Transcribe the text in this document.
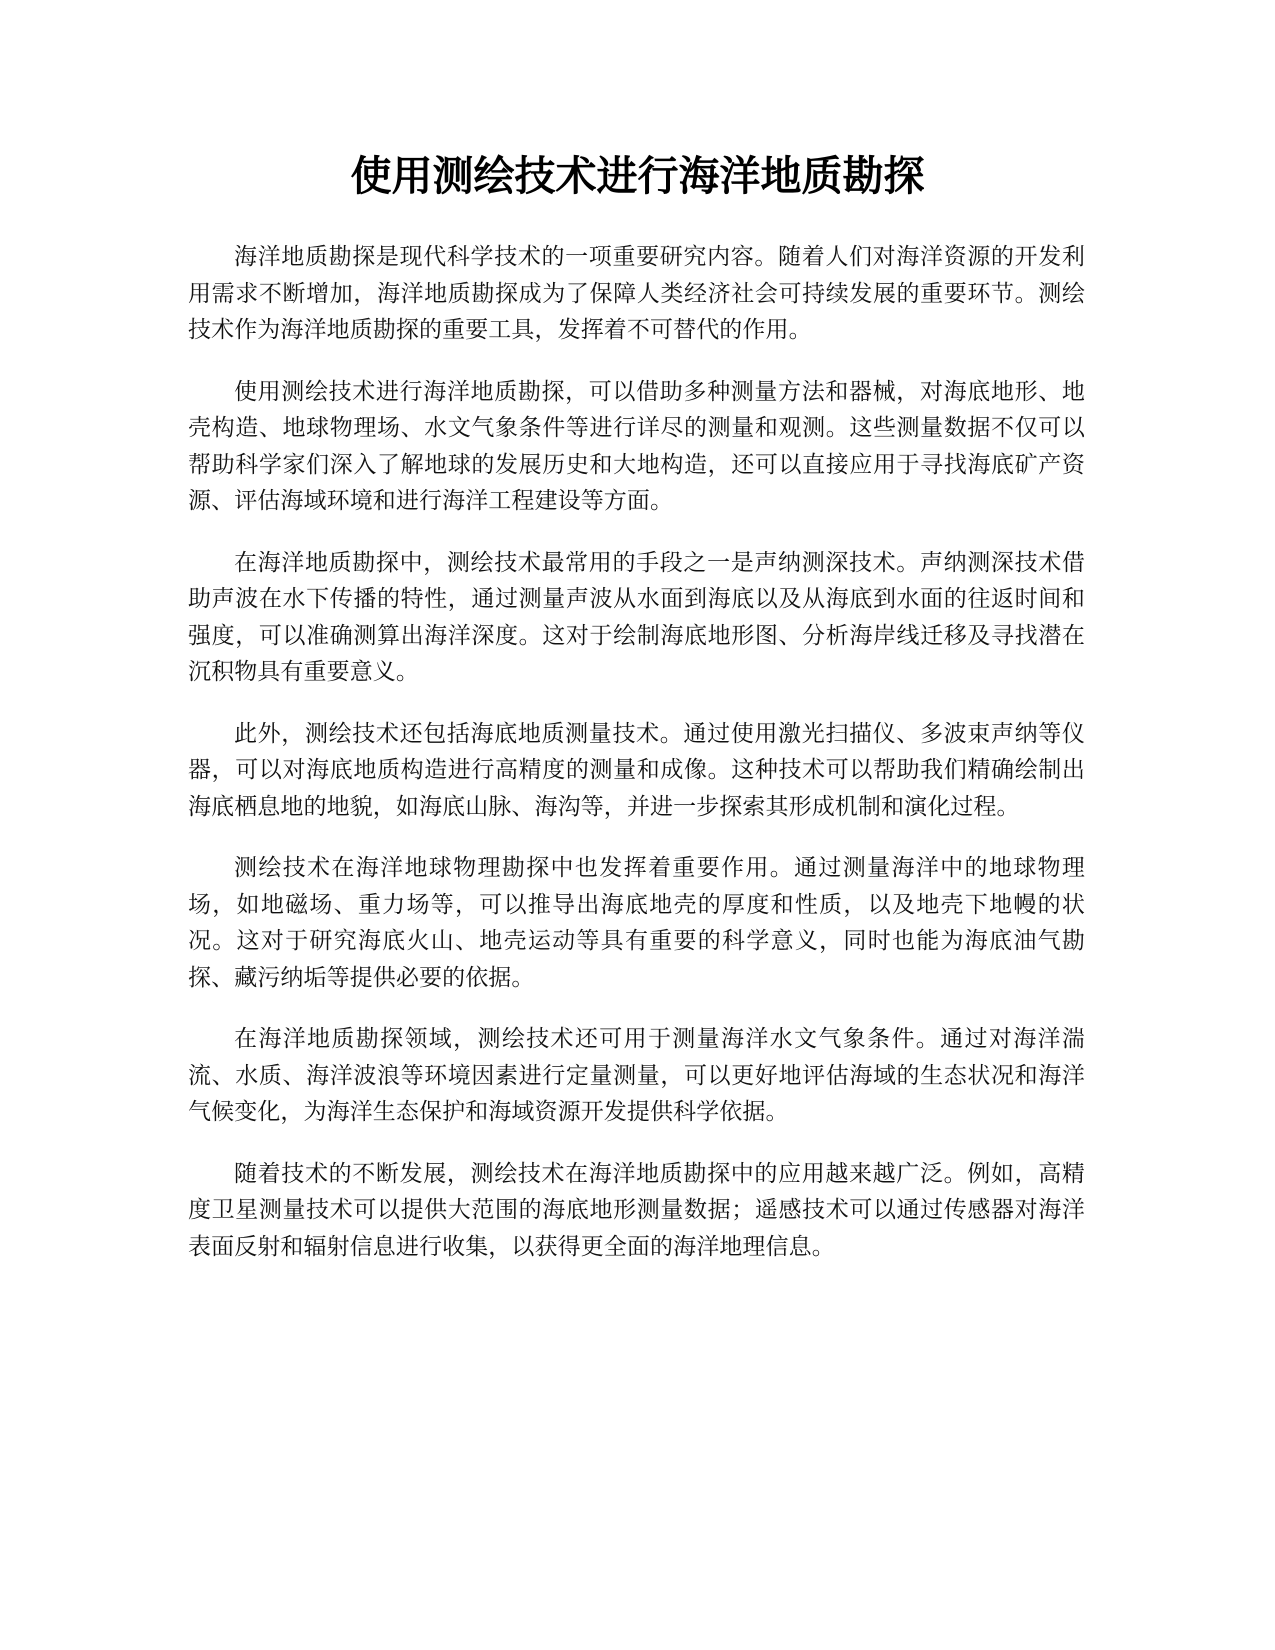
使用测绘技术进行海洋地质勘探

海洋地质勘探是现代科学技术的一项重要研究内容。随着人们对海洋资源的开发利用需求不断增加，海洋地质勘探成为了保障人类经济社会可持续发展的重要环节。测绘技术作为海洋地质勘探的重要工具，发挥着不可替代的作用。

使用测绘技术进行海洋地质勘探，可以借助多种测量方法和器械，对海底地形、地壳构造、地球物理场、水文气象条件等进行详尽的测量和观测。这些测量数据不仅可以帮助科学家们深入了解地球的发展历史和大地构造，还可以直接应用于寻找海底矿产资源、评估海域环境和进行海洋工程建设等方面。

在海洋地质勘探中，测绘技术最常用的手段之一是声纳测深技术。声纳测深技术借助声波在水下传播的特性，通过测量声波从水面到海底以及从海底到水面的往返时间和强度，可以准确测算出海洋深度。这对于绘制海底地形图、分析海岸线迁移及寻找潜在沉积物具有重要意义。

此外，测绘技术还包括海底地质测量技术。通过使用激光扫描仪、多波束声纳等仪器，可以对海底地质构造进行高精度的测量和成像。这种技术可以帮助我们精确绘制出海底栖息地的地貌，如海底山脉、海沟等，并进一步探索其形成机制和演化过程。

测绘技术在海洋地球物理勘探中也发挥着重要作用。通过测量海洋中的地球物理场，如地磁场、重力场等，可以推导出海底地壳的厚度和性质，以及地壳下地幔的状况。这对于研究海底火山、地壳运动等具有重要的科学意义，同时也能为海底油气勘探、藏污纳垢等提供必要的依据。

在海洋地质勘探领域，测绘技术还可用于测量海洋水文气象条件。通过对海洋湍流、水质、海洋波浪等环境因素进行定量测量，可以更好地评估海域的生态状况和海洋气候变化，为海洋生态保护和海域资源开发提供科学依据。

随着技术的不断发展，测绘技术在海洋地质勘探中的应用越来越广泛。例如，高精度卫星测量技术可以提供大范围的海底地形测量数据；遥感技术可以通过传感器对海洋表面反射和辐射信息进行收集，以获得更全面的海洋地理信息。
